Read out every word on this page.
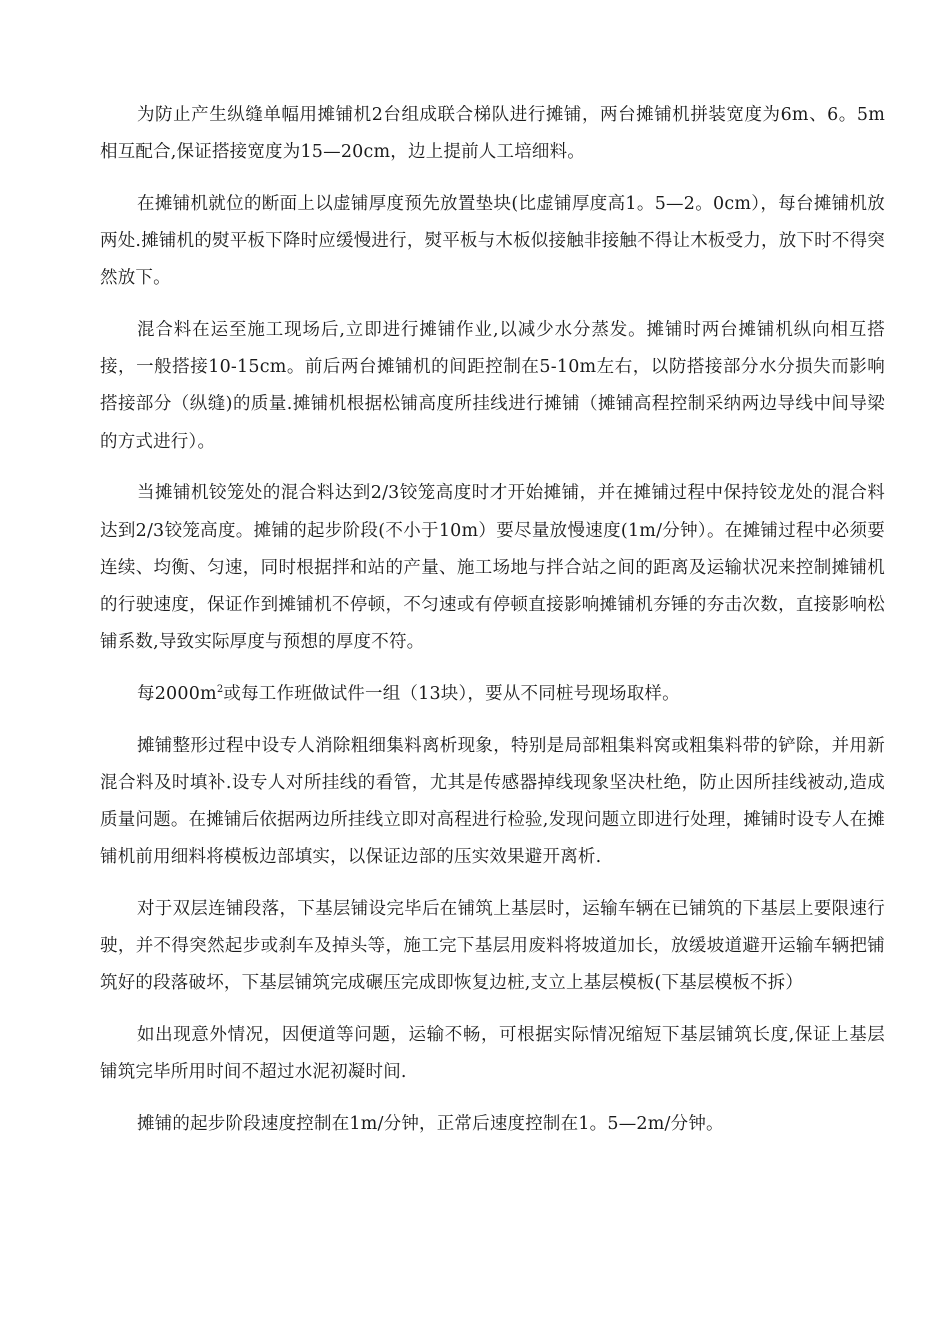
为防止产生纵缝单幅用摊铺机2台组成联合梯队进行摊铺，两台摊铺机拼装宽度为6m、6。5m相互配合,保证搭接宽度为15—20cm，边上提前人工培细料。

在摊铺机就位的断面上以虚铺厚度预先放置垫块(比虚铺厚度高1。5—2。0cm），每台摊铺机放两处.摊铺机的熨平板下降时应缓慢进行，熨平板与木板似接触非接触不得让木板受力，放下时不得突然放下。

混合料在运至施工现场后,立即进行摊铺作业,以减少水分蒸发。摊铺时两台摊铺机纵向相互搭接，一般搭接10-15cm。前后两台摊铺机的间距控制在5-10m左右，以防搭接部分水分损失而影响搭接部分（纵缝)的质量.摊铺机根据松铺高度所挂线进行摊铺（摊铺高程控制采纳两边导线中间导梁的方式进行）。

当摊铺机铰笼处的混合料达到2/3铰笼高度时才开始摊铺，并在摊铺过程中保持铰龙处的混合料达到2/3铰笼高度。摊铺的起步阶段(不小于10m）要尽量放慢速度(1m/分钟）。在摊铺过程中必须要连续、均衡、匀速，同时根据拌和站的产量、施工场地与拌合站之间的距离及运输状况来控制摊铺机的行驶速度，保证作到摊铺机不停顿，不匀速或有停顿直接影响摊铺机夯锤的夯击次数，直接影响松铺系数,导致实际厚度与预想的厚度不符。

每$2000m^2$或每工作班做试件一组（13块），要从不同桩号现场取样。

摊铺整形过程中设专人消除粗细集料离析现象，特别是局部粗集料窝或粗集料带的铲除，并用新混合料及时填补.设专人对所挂线的看管，尤其是传感器掉线现象坚决杜绝，防止因所挂线被动,造成质量问题。在摊铺后依据两边所挂线立即对高程进行检验,发现问题立即进行处理，摊铺时设专人在摊铺机前用细料将模板边部填实，以保证边部的压实效果避开离析.

对于双层连铺段落，下基层铺设完毕后在铺筑上基层时，运输车辆在已铺筑的下基层上要限速行驶，并不得突然起步或刹车及掉头等，施工完下基层用废料将坡道加长，放缓坡道避开运输车辆把铺筑好的段落破坏，下基层铺筑完成碾压完成即恢复边桩,支立上基层模板(下基层模板不拆）

如出现意外情况，因便道等问题，运输不畅，可根据实际情况缩短下基层铺筑长度,保证上基层铺筑完毕所用时间不超过水泥初凝时间.

摊铺的起步阶段速度控制在1m/分钟，正常后速度控制在1。5—2m/分钟。
